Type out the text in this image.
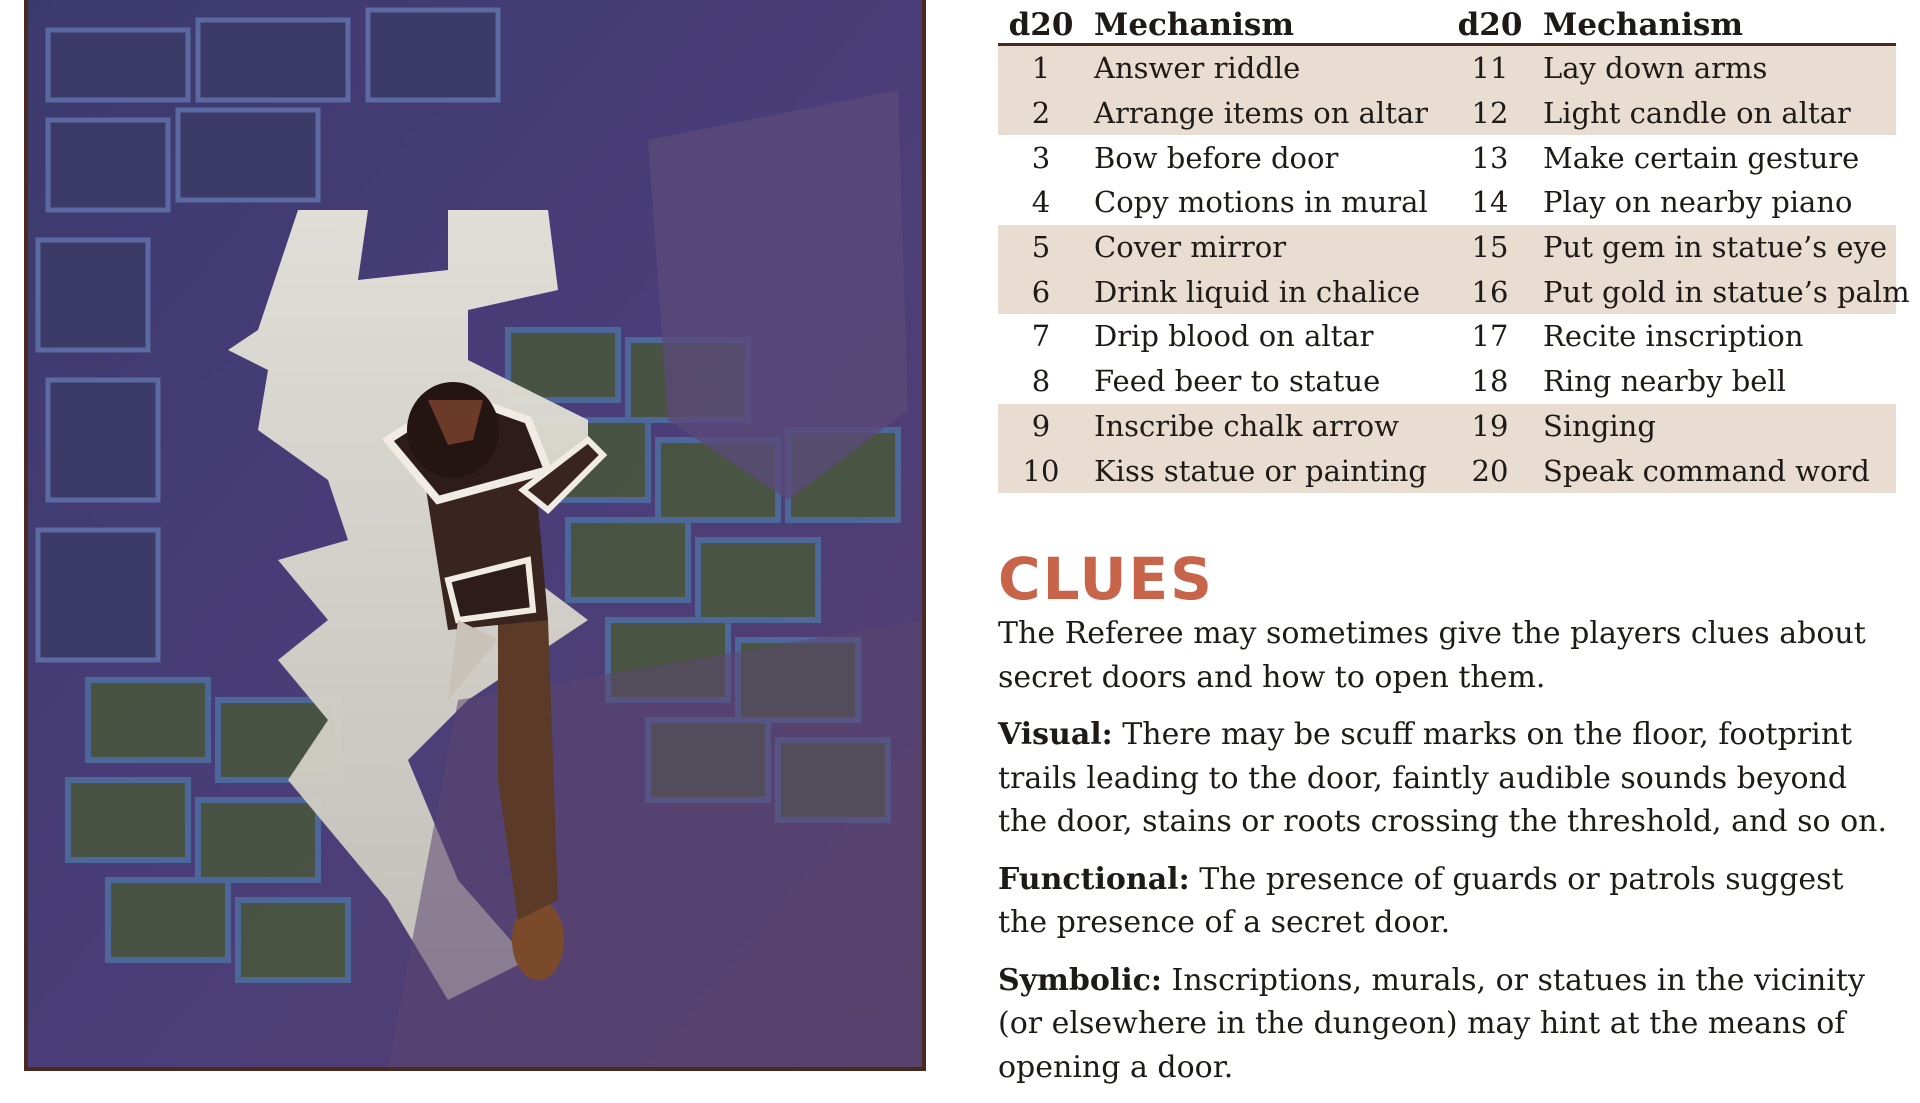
d20 Mechanism	d20 Mechanism
1	Answer riddle	11	Lay down arms
2	Arrange items on altar	12	Light candle on altar
3	Bow before door	13	Make certain gesture
4	Copy motions in mural	14	Play on nearby piano
5	Cover mirror	15	Put gem in statue’s eye
6	Drink liquid in chalice	16	Put gold in statue’s palm
7	Drip blood on altar	17	Recite inscription
8	Feed beer to statue	18	Ring nearby bell
9	Inscribe chalk arrow	19	Singing
10	Kiss statue or painting	20	Speak command word
CLUES

The Referee may sometimes give the players clues about secret doors and how to open them.

Visual: There may be scuff marks on the floor, footprint trails leading to the door, faintly audible sounds beyond the door, stains or roots crossing the threshold, and so on.

Functional: The presence of guards or patrols suggest the presence of a secret door.

Symbolic: Inscriptions, murals, or statues in the vicinity (or elsewhere in the dungeon) may hint at the means of opening a door.
